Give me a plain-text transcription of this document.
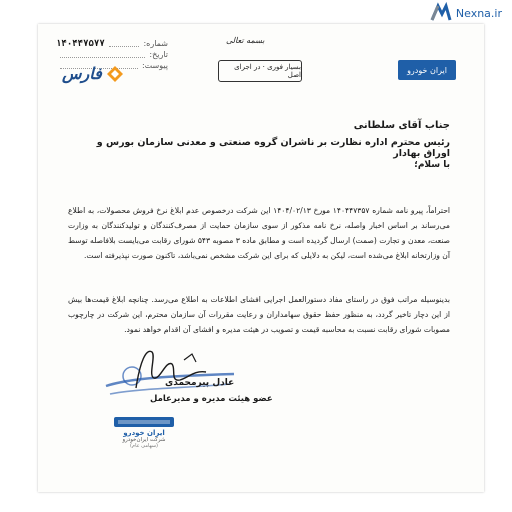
Nexna.ir
شماره:
۱۴۰۴۴۷۵۷۷
تاریخ:
پیوست:
فارس
بسمه تعالی
بسیار فوری · در اجرای اصل
ایران خودرو
جناب آقای سلطانی
رئیس محترم اداره نظارت بر ناشران گروه صنعتی و معدنی سازمان بورس و اوراق بهادار
با سلام؛
احتراماً، پیرو نامه شماره ۱۴۰۴۴۷۳۵۷ مورخ ۱۴۰۴/۰۲/۱۳ این شرکت درخصوص عدم ابلاغ نرخ فروش محصولات، به اطلاع می‌رساند بر اساس اخبار واصله، نرخ نامه مذکور از سوی سازمان حمایت از مصرف‌کنندگان و تولیدکنندگان به وزارت صنعت، معدن و تجارت (صمت) ارسال گردیده است و مطابق ماده ۳ مصوبه ۵۴۳ شورای رقابت می‌بایست بلافاصله توسط آن وزارتخانه ابلاغ می‌شده است، لیکن به دلایلی که برای این شرکت مشخص نمی‌باشد، تاکنون صورت نپذیرفته است.
بدینوسیله مراتب فوق در راستای مفاد دستورالعمل اجرایی افشای اطلاعات به اطلاع می‌رسد. چنانچه ابلاغ قیمت‌ها بیش از این دچار تاخیر گردد، به منظور حفظ حقوق سهامداران و رعایت مقررات آن سازمان محترم، این شرکت در چارچوب مصوبات شورای رقابت نسبت به محاسبه قیمت و تصویب در هیئت مدیره و افشای آن اقدام خواهد نمود.
عادل پیرمحمدی
عضو هیئت مدیره و مدیرعامل
ایران خودرو
شرکت ایران‌خودرو
(سهامی عام)
